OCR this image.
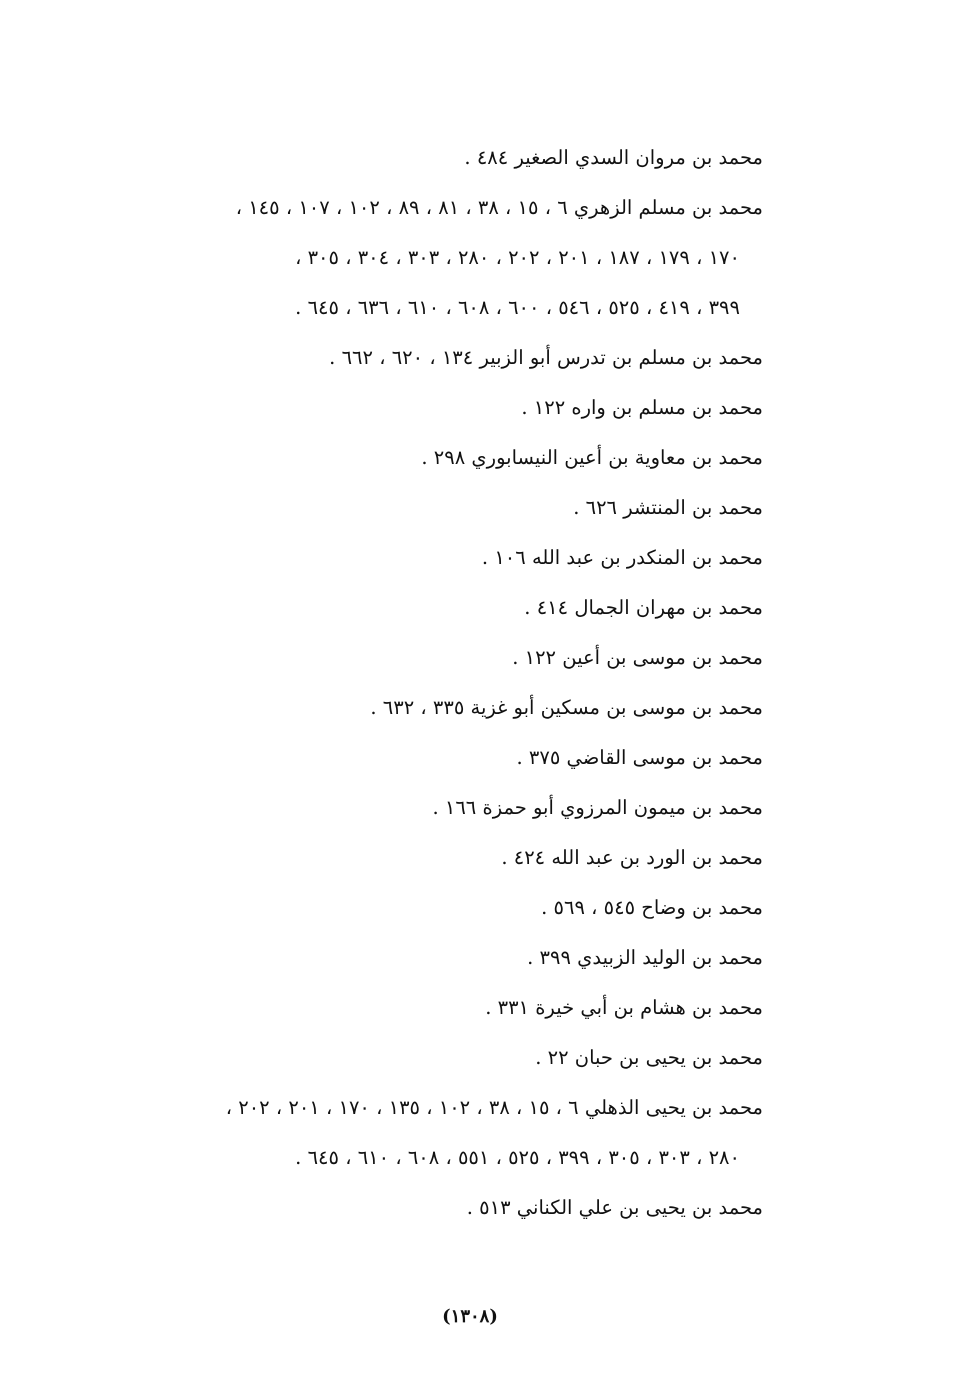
محمد بن مروان السدي الصغير ٤٨٤ .
محمد بن مسلم الزهري ٦ ، ١٥ ، ٣٨ ، ٨١ ، ٨٩ ، ١٠٢ ، ١٠٧ ، ١٤٥ ،
١٧٠ ، ١٧٩ ، ١٨٧ ، ٢٠١ ، ٢٠٢ ، ٢٨٠ ، ٣٠٣ ، ٣٠٤ ، ٣٠٥ ،
٣٩٩ ، ٤١٩ ، ٥٢٥ ، ٥٤٦ ، ٦٠٠ ، ٦٠٨ ، ٦١٠ ، ٦٣٦ ، ٦٤٥ .
محمد بن مسلم بن تدرس أبو الزبير ١٣٤ ، ٦٢٠ ، ٦٦٢ .
محمد بن مسلم بن واره ١٢٢ .
محمد بن معاوية بن أعين النيسابوري ٢٩٨ .
محمد بن المنتشر ٦٢٦ .
محمد بن المنكدر بن عبد الله ١٠٦ .
محمد بن مهران الجمال ٤١٤ .
محمد بن موسى بن أعين ١٢٢ .
محمد بن موسى بن مسكين أبو غزية ٣٣٥ ، ٦٣٢ .
محمد بن موسى القاضي ٣٧٥ .
محمد بن ميمون المرزوي أبو حمزة ١٦٦ .
محمد بن الورد بن عبد الله ٤٢٤ .
محمد بن وضاح ٥٤٥ ، ٥٦٩ .
محمد بن الوليد الزبيدي ٣٩٩ .
محمد بن هشام بن أبي خيرة ٣٣١ .
محمد بن يحيى بن حبان ٢٢ .
محمد بن يحيى الذهلي ٦ ، ١٥ ، ٣٨ ، ١٠٢ ، ١٣٥ ، ١٧٠ ، ٢٠١ ، ٢٠٢ ،
٢٨٠ ، ٣٠٣ ، ٣٠٥ ، ٣٩٩ ، ٥٢٥ ، ٥٥١ ، ٦٠٨ ، ٦١٠ ، ٦٤٥ .
محمد بن يحيى بن علي الكناني ٥١٣ .
(١٣٠٨)
